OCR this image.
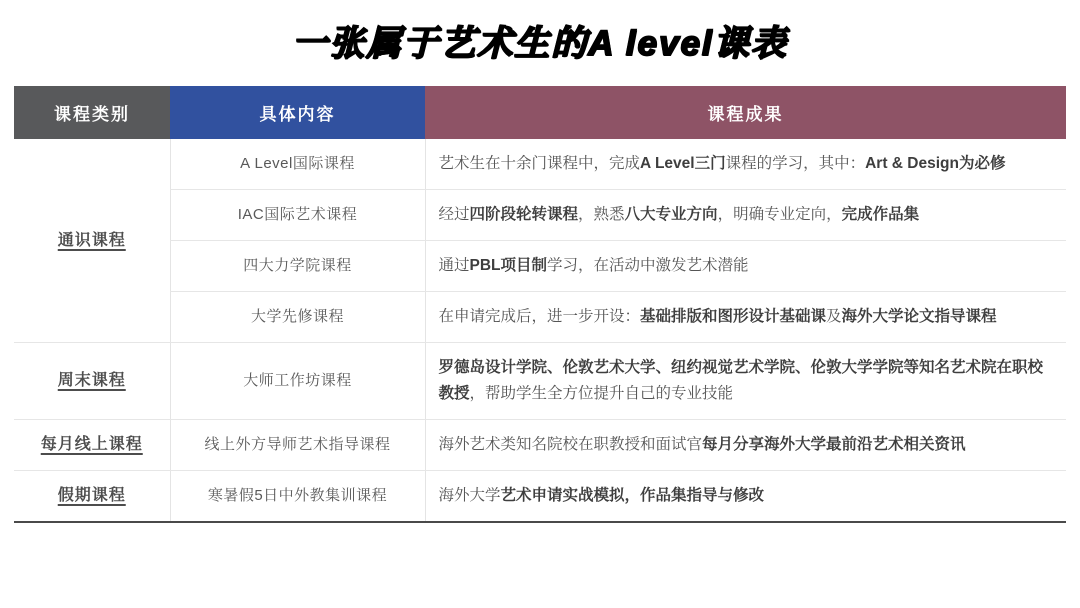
一张属于艺术生的A level课表
课程类别	具体内容	课程成果
通识课程	A Level国际课程	艺术生在十余门课程中，完成A Level三门课程的学习，其中：Art & Design为必修
	IAC国际艺术课程	经过四阶段轮转课程，熟悉八大专业方向，明确专业定向，完成作品集
	四大力学院课程	通过PBL项目制学习，在活动中激发艺术潜能
	大学先修课程	在申请完成后，进一步开设：基础排版和图形设计基础课及海外大学论文指导课程
周末课程	大师工作坊课程	罗德岛设计学院、伦敦艺术大学、纽约视觉艺术学院、伦敦大学学院等知名艺术院在职校教授，帮助学生全方位提升自己的专业技能
每月线上课程	线上外方导师艺术指导课程	海外艺术类知名院校在职教授和面试官每月分享海外大学最前沿艺术相关资讯
假期课程	寒暑假5日中外教集训课程	海外大学艺术申请实战模拟，作品集指导与修改
